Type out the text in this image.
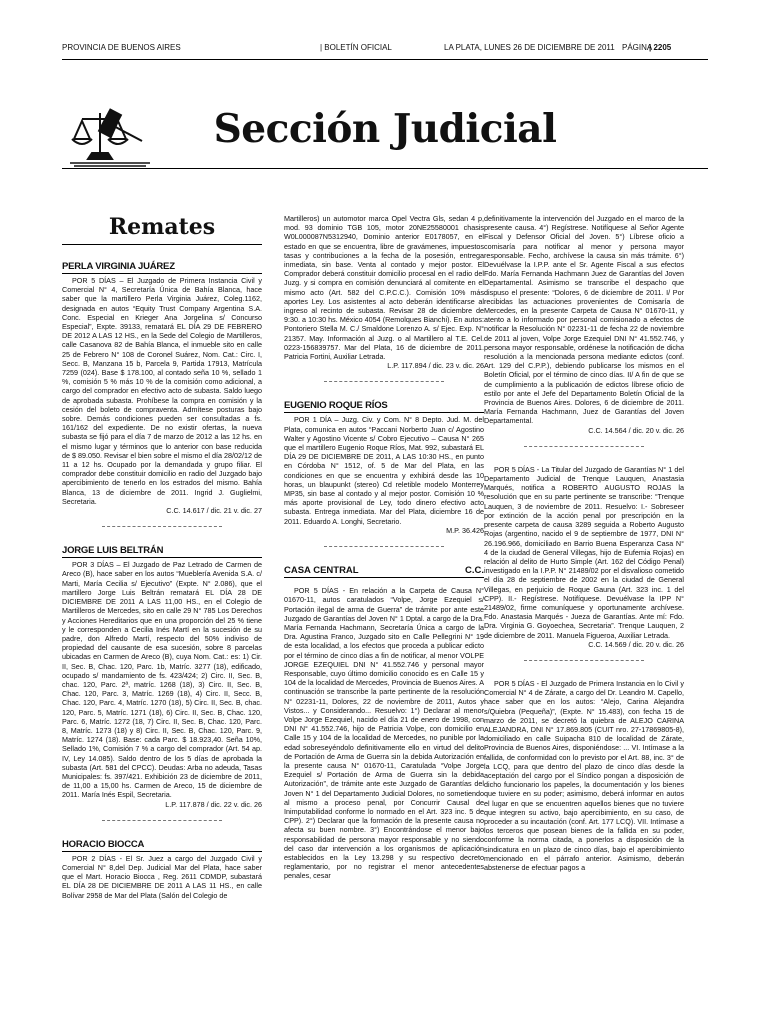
PROVINCIA DE BUENOS AIRES	| BOLETÍN OFICIAL	LA PLATA, LUNES 26 DE DICIEMBRE DE 2011 PÁGINA
| 2205
Sección Judicial
Remates
PERLA VIRGINIA JUÁREZ

POR 5 DÍAS – El Juzgado de Primera Instancia Civil y Comercial N° 4, Secretaría Única de Bahía Blanca, hace saber que la martillero Perla Virginia Juárez, Coleg.1162, designada en autos “Equity Trust Company Argentina S.A. Conc. Especial en Krieger Ana Jorgelina s/ Concurso Especial”, Expte. 39133, rematará EL DÍA 29 DE FEBRERO DE 2012 A LAS 12 HS., en la Sede del Colegio de Martilleros, calle Casanova 82 de Bahía Blanca, el inmueble sito en calle 25 de Febrero N° 108 de Coronel Suárez, Nom. Cat.: Circ. I, Secc. B, Manzana 15 b, Parcela 9, Partida 17913, Matrícula 7259 (024). Base $ 178.100, al contado seña 10 %, sellado 1 %, comisión 5 % más 10 % de la comisión como adicional, a cargo del comprador en efectivo acto de subasta. Saldo luego de aprobada subasta. Prohíbese la compra en comisión y la cesión del boleto de compraventa. Admítese posturas bajo sobre. Demás condiciones pueden ser consultadas a fs. 161/162 del expediente. De no existir ofertas, la nueva subasta se fijó para el día 7 de marzo de 2012 a las 12 hs. en el mismo lugar y términos que lo anterior con base reducida de $ 89.050. Revisar el bien sobre el mismo el día 28/02/12 de 11 a 12 hs. Ocupado por la demandada y grupo filiar. El comprador debe constituir domicilio en radio del Juzgado bajo apercibimiento de tenerlo en los estrados del mismo. Bahía Blanca, 13 de diciembre de 2011. Ingrid J. Guglielmi, Secretaria.

C.C. 14.617 / dic. 21 v. dic. 27

JORGE LUIS BELTRÁN

POR 3 DÍAS – El Juzgado de Paz Letrado de Carmen de Areco (B), hace saber en los autos “Mueblería Avenida S.A. c/ Marti, María Cecilia s/ Ejecutivo” (Expte. N° 2.086), que el martillero Jorge Luis Beltrán rematará EL DÍA 28 DE DICIEMBRE DE 2011 A LAS 11,00 HS., en el Colegio de Martilleros de Mercedes, sito en calle 29 N° 785 Los Derechos y Acciones Hereditarios que en una proporción del 25 % tiene y le corresponden a Cecilia Inés Martí en la sucesión de su padre, don Alfredo Martí, respecto del 50% indiviso de propiedad del causante de esa sucesión, sobre 8 parcelas ubicadas en Carmen de Areco (B), cuya Nom. Cat.: es: 1) Cir. II, Sec. B, Chac. 120, Parc. 1b, Matríc. 3277 (18), edificado, ocupado s/ mandamiento de fs. 423/424; 2) Circ. II, Sec. B, chac. 120, Parc. 2ª, matríc. 1268 (18), 3) Circ. II, Sec. B, Chac. 120, Parc. 3, Matríc. 1269 (18), 4) Circ. II, Secc. B, Chac. 120, Parc. 4, Matríc. 1270 (18), 5) Circ. II, Sec. B, chac. 120, Parc. 5, Matríc. 1271 (18), 6) Circ. II, Sec. B, Chac. 120, Parc. 6, Matríc. 1272 (18, 7) Circ. II, Sec. B, Chac. 120, Parc. 8, Matríc. 1273 (18) y 8) Circ. II, Sec. B, Chac. 120, Parc. 9, Matríc. 1274 (18). Base: cada Parc. $ 18.923,40. Seña 10%, Sellado 1%, Comisión 7 % a cargo del comprador (Art. 54 ap. IV, Ley 14.085). Saldo dentro de los 5 días de aprobada la subasta (Art. 581 del CPCC). Deudas: Arba no adeuda, Tasas Municipales: fs. 397/421. Exhibición 23 de diciembre de 2011, de 11,00 a 15,00 hs. Carmen de Areco, 15 de diciembre de 2011. María Inés Espil, Secretaria.

L.P. 117.878 / dic. 22 v. dic. 26

HORACIO BIOCCA

POR 2 DÍAS - El Sr. Juez a cargo del Juzgado Civil y Comercial N° 8,del Dep. Judicial Mar del Plata, hace saber que el Mart. Horacio Biocca , Reg. 2611 CDMDP, subastará EL DÍA 28 DE DICIEMBRE DE 2011 A LAS 11 HS., en calle Bolívar 2958 de Mar del Plata (Salón del Colegio de

Martilleros) un automotor marca Opel Vectra Gls, sedan 4 p, mod. 93 dominio TGB 105, motor 20NE25580001 chasis W0L000087N5312940, Dominio anterior E0178057, en el estado en que se encuentra, libre de gravámenes, impuestos tasas y contribuciones a la fecha de la posesión, entrega inmediata, sin base. Venta al contado y mejor postor. El Comprador deberá constituir domicilio procesal en el radio del Juzg. y si compra en comisión denunciará al comitente en el mismo acto (Art. 582 del C.P.C.C.). Comisión 10% más aportes Ley. Los asistentes al acto deberán identificarse al ingreso al recinto de subasta. Revisar 28 de diciembre de 9:30. a 10:30 hs. México 4054 (Remolques Bianchi). En autos: Pontoriero Stella M. C./ Smaldone Lorenzo A. s/ Ejec. Exp. N° 21357. May. Información al Juzg. o al Martillero al T.E. Cel. 0223-156839757. Mar del Plata, 16 de diciembre de 2011. Patricia Fortini, Auxiliar Letrada.

L.P. 117.894 / dic. 23 v. dic. 26

EUGENIO ROQUE RÍOS

POR 1 DÍA – Juzg. Civ. y Com. N° 8 Depto. Jud. M. del Plata, comunica en autos “Paccani Norberto Juan c/ Agostino Walter y Agostino Vicente s/ Cobro Ejecutivo – Causa N° 265 que el martillero Eugenio Roque Ríos, Mat. 992, subastará EL DÍA 29 DE DICIEMBRE DE 2011, A LAS 10:30 HS., en punto en Córdoba N° 1512, of. 5 de Mar del Plata, en las condiciones en que se encuentra y exhibirá desde las 10 horas, un blaupunkt (stereo) Cd reletible modelo Monterrey MP35, sin base al contado y al mejor postor. Comisión 10 % más aporte provisional de Ley, todo dinero efectivo acto subasta. Entrega inmediata. Mar del Plata, diciembre 16 de 2011. Eduardo A. Longhi, Secretario.

M.P. 36.426

CASA CENTRAL	C.C.

POR 5 DÍAS - En relación a la Carpeta de Causa N° 01670-11, autos caratulados “Volpe, Jorge Ezequiel s/ Portación ilegal de arma de Guerra” de trámite por ante este Juzgado de Garantías del Joven N° 1 Dptal. a cargo de la Dra. María Fernanda Hachmann, Secretaría Única a cargo de la Dra. Agustina Franco, Juzgado sito en Calle Pellegrini N° 19 de esta localidad, a los efectos que proceda a publicar edicto por el término de cinco días a fin de notificar, al menor VOLPE JORGE EZEQUIEL DNI N° 41.552.746 y personal mayor Responsable, cuyo último domicilio conocido es en Calle 15 y 104 de la localidad de Mercedes, Provincia de Buenos Aires. A continuación se transcribe la parte pertinente de la resolución N° 02231-11, Dolores, 22 de noviembre de 2011, Autos y Vistos... y Considerando... Resuelvo: 1°) Declarar al menor Volpe Jorge Ezequiel, nacido el día 21 de enero de 1998, con DNI N° 41.552.746, hijo de Patricia Volpe, con domicilio en Calle 15 y 104 de la localidad de Mercedes, no punible por la edad sobreseyéndolo definitivamente ello en virtud del delito de Portación de Arma de Guerra sin la debida Autorización en la presente causa N° 01670-11, Caratulada “Volpe Jorge Ezequiel s/ Portación de Arma de Guerra sin la debida Autorización”, de trámite ante este Juzgado de Garantías del Joven N° 1 del Departamento Judicial Dolores, no sometiendo al mismo a proceso penal, por Concurrir Causal de Inimputabilidad conforme lo normado en el Art. 323 inc. 5 de CPP). 2°) Declarar que la formación de la presente causa no afecta su buen nombre. 3°) Encontrándose el menor bajo responsabilidad de persona mayor responsable y no siendo del caso dar intervención a los organismos de aplicación establecidos en la Ley 13.298 y su respectivo decreto reglamentario, por no registrar el menor antecedentes penales, cesar

definitivamente la intervención del Juzgado en el marco de la presente causa. 4°) Regístrese. Notifíquese al Señor Agente Fiscal y Defensor Oficial del Joven. 5°) Líbrese oficio a comisaría para notificar al menor y persona mayor responsable. Fecho, archívese la causa sin más trámite. 6°) Devuélvase la I.P.P. ante el Sr. Agente Fiscal a sus efectos Fdo. María Fernanda Hachmann Juez de Garantías del Joven Departamental. Asimismo se transcribe el despacho que dispuso el presente: “Dolores, 6 de diciembre de 2011. I/ Por recibidas las actuaciones provenientes de Comisaría de Mercedes, en la presente Carpeta de Causa N° 01670-11, y atento a lo informado por personal comisionado a efectos de notificar la Resolución N° 02231-11 de fecha 22 de noviembre de 2011 al joven, Volpe Jorge Ezequiel DNI N° 41.552.746, y persona mayor responsable, ordénese la notificación de dicha resolución a la mencionada persona mediante edictos (conf. Art. 129 del C.P.P.), debiendo publicarse los mismos en el Boletín Oficial, por el término de cinco días. II/ A fin de que se de cumplimiento a la publicación de edictos líbrese oficio de estilo por ante el Jefe del Departamento Boletín Oficial de la Provincia de Buenos Aires. Dolores, 6 de diciembre de 2011. María Fernanda Hachmann, Juez de Garantías del Joven Departamental.

C.C. 14.564 / dic. 20 v. dic. 26

POR 5 DÍAS - La Titular del Juzgado de Garantías N° 1 del Departamento Judicial de Trenque Lauquen, Anastasia Marqués, notifica a ROBERTO AUGUSTO ROJAS la resolución que en su parte pertinente se transcribe: “Trenque Lauquen, 3 de noviembre de 2011. Resuelvo: I.- Sobreseer por extinción de la acción penal por prescripción en la presente carpeta de causa 3289 seguida a Roberto Augusto Rojas (argentino, nacido el 9 de septiembre de 1977, DNI N° 26.196.966, domiciliado en Barrio Buena Esperanza Casa N° 4 de la ciudad de General Villegas, hijo de Eufemia Rojas) en relación al delito de Hurto Simple (Art. 162 del Código Penal) investigado en la I.P.P. N° 21489/02 por el disvalioso cometido el día 28 de septiembre de 2002 en la ciudad de General Villegas, en perjuicio de Roque Gauna (Art. 323 inc. 1 del CPP). II.- Regístrese. Notifíquese. Devuélvase la IPP N° 21489/02, firme comuníquese y oportunamente archívese. Fdo. Anastasia Marqués - Jueza de Garantías. Ante mí: Fdo. Dra. Virginia G. Goyoechea, Secretaria”. Trenque Lauquen, 2 de diciembre de 2011. Manuela Figueroa, Auxiliar Letrada.

C.C. 14.569 / dic. 20 v. dic. 26

POR 5 DÍAS - El Juzgado de Primera Instancia en lo Civil y Comercial N° 4 de Zárate, a cargo del Dr. Leandro M. Capello, hace saber que en los autos: “Alejo, Carina Alejandra s/Quiebra (Pequeña)”, (Expte. N° 15.483), con fecha 15 de marzo de 2011, se decretó la quiebra de ALEJO CARINA ALEJANDRA, DNI N° 17.869.805 (CUIT nro. 27-17869805-8), domiciliado en calle Suipacha 810 de localidad de Zárate, Provincia de Buenos Aires, disponiéndose: ... VI. Intímase a la fallida, de conformidad con lo previsto por el Art. 88, inc. 3° de la LCQ, para que dentro del plazo de cinco días desde la aceptación del cargo por el Síndico pongan a disposición de dicho funcionario los papeles, la documentación y los bienes que tuviere en su poder; asimismo, deberá informar en autos el lugar en que se encuentren aquellos bienes que no tuviere que integren su activo, bajo apercibimiento, en su caso, de proceder a su incautación (conf. Art. 177 LCQ). VII. Intímase a los terceros que posean bienes de la fallida en su poder, conforme la norma citada, a ponerlos a disposición de la sindicatura en un plazo de cinco días, bajo el apercibimiento mencionado en el párrafo anterior. Asimismo, deberán abstenerse de efectuar pagos a
